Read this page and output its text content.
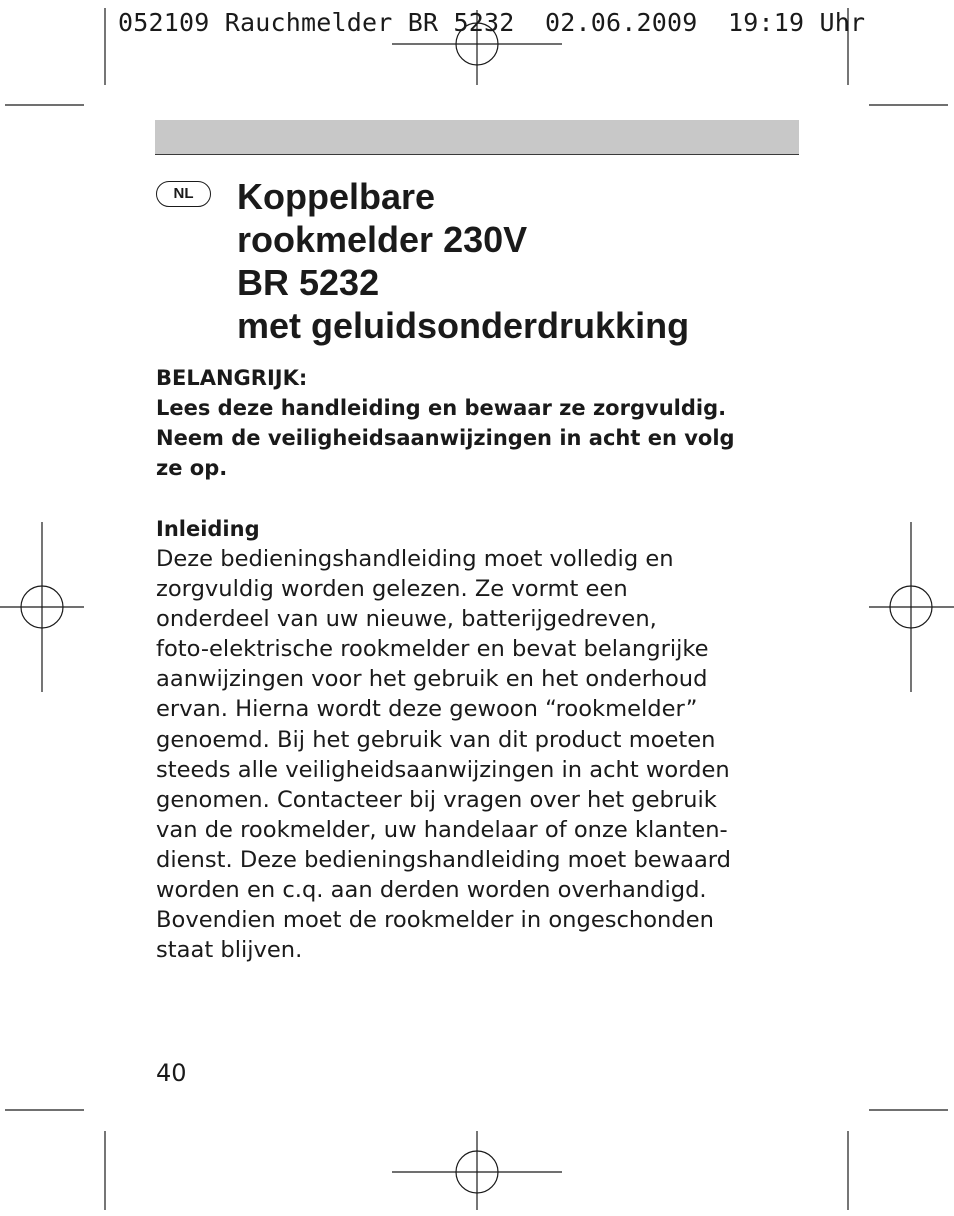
052109 Rauchmelder BR 5232  02.06.2009  19:19 Uhr
NL	Koppelbare
rookmelder 230V
BR 5232
met geluidsonderdrukking
BELANGRIJK:
Lees deze handleiding en bewaar ze zorgvuldig.
Neem de veiligheidsaanwijzingen in acht en volg
ze op.
Inleiding
Deze bedieningshandleiding moet volledig en
zorgvuldig worden gelezen. Ze vormt een
onderdeel van uw nieuwe, batterijgedreven,
foto-elektrische rookmelder en bevat belangrijke
aanwijzingen voor het gebruik en het onderhoud
ervan. Hierna wordt deze gewoon “rookmelder”
genoemd. Bij het gebruik van dit product moeten
steeds alle veiligheidsaanwijzingen in acht worden
genomen. Contacteer bij vragen over het gebruik
van de rookmelder, uw handelaar of onze klanten-
dienst. Deze bedieningshandleiding moet bewaard
worden en c.q. aan derden worden overhandigd.
Bovendien moet de rookmelder in ongeschonden
staat blijven.
40
